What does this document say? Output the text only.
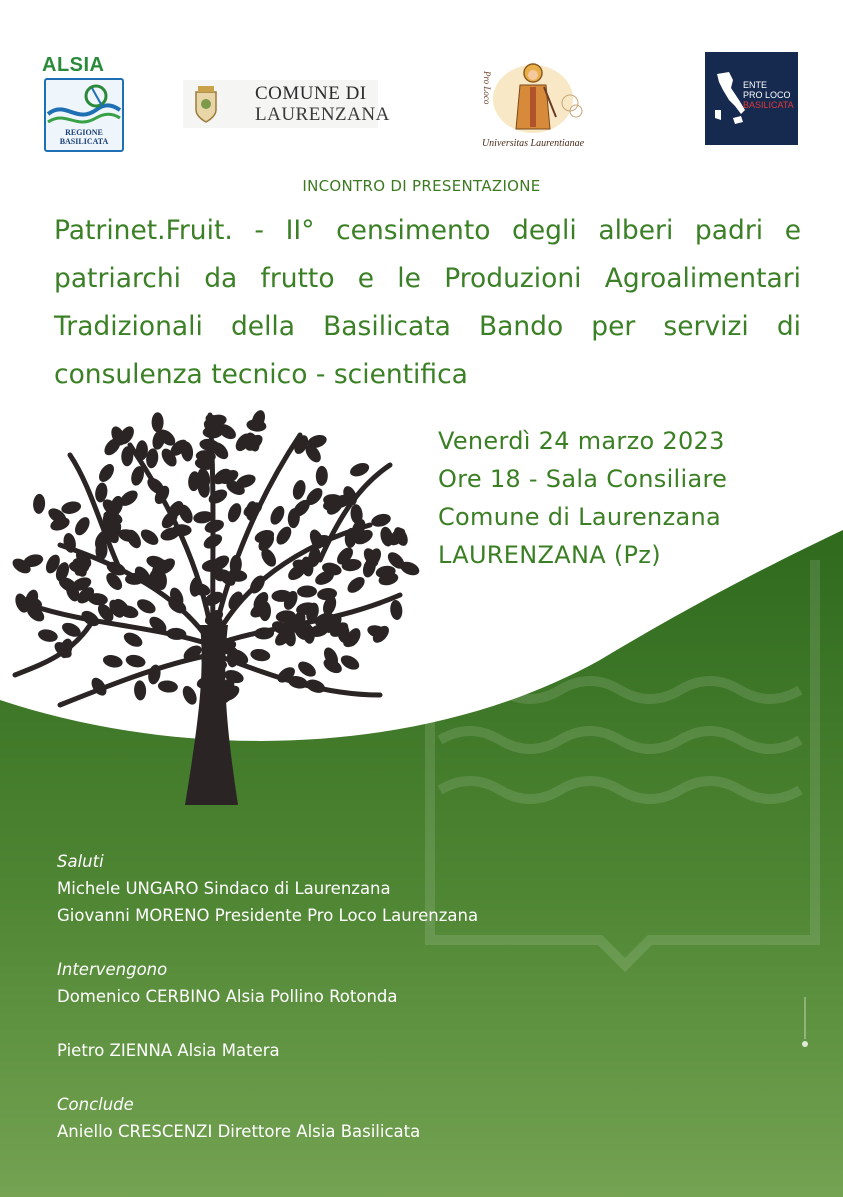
ALSIA
REGIONE BASILICATA
COMUNE DI
LAURENZANA
Pro Loco
Universitas Laurentianae
ENTE
PRO LOCO
BASILICATA
INCONTRO DI PRESENTAZIONE
Patrinet.Fruit. - II° censimento degli alberi padri e patriarchi da frutto e le Produzioni Agroalimentari Tradizionali della Basilicata Bando per servizi di consulenza tecnico - scientifica
Venerdì 24 marzo 2023
Ore 18 - Sala Consiliare
Comune di Laurenzana
LAURENZANA (Pz)
Saluti
Michele UNGARO Sindaco di Laurenzana
Giovanni MORENO Presidente Pro Loco Laurenzana
Intervengono
Domenico CERBINO Alsia Pollino Rotonda
Pietro ZIENNA Alsia Matera
Conclude
Aniello CRESCENZI Direttore Alsia Basilicata
